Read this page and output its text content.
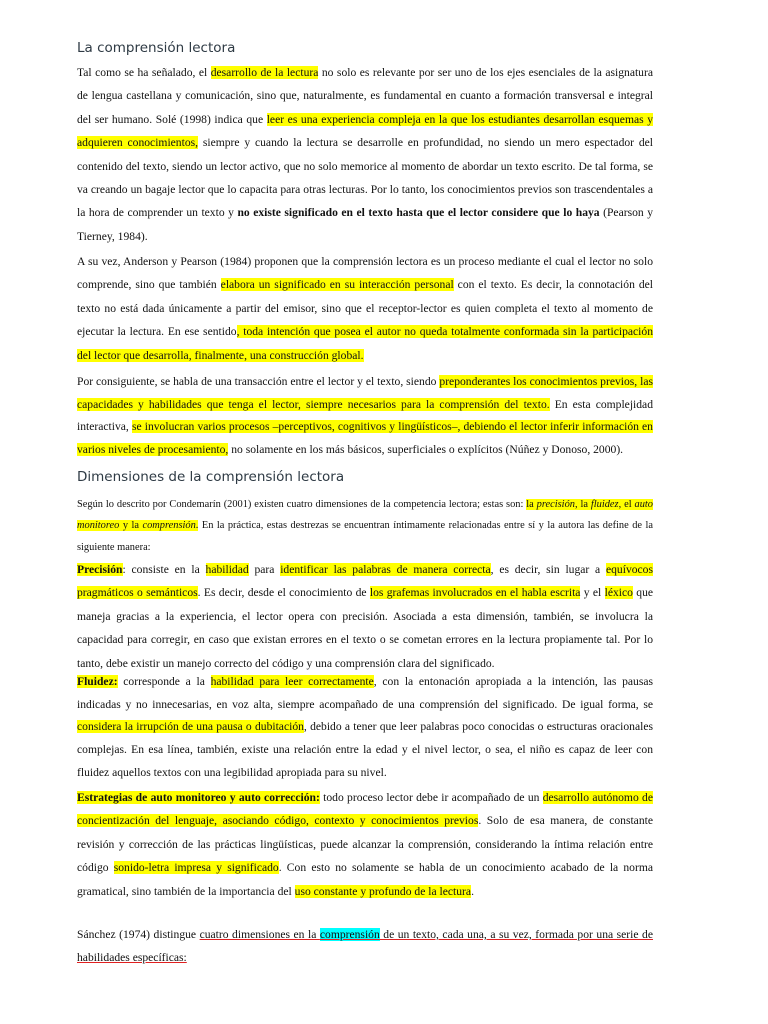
La comprensión lectora

Tal como se ha señalado, el desarrollo de la lectura no solo es relevante por ser uno de los ejes esenciales de la asignatura de lengua castellana y comunicación, sino que, naturalmente, es fundamental en cuanto a formación transversal e integral del ser humano. Solé (1998) indica que leer es una experiencia compleja en la que los estudiantes desarrollan esquemas y adquieren conocimientos, siempre y cuando la lectura se desarrolle en profundidad, no siendo un mero espectador del contenido del texto, siendo un lector activo, que no solo memorice al momento de abordar un texto escrito. De tal forma, se va creando un bagaje lector que lo capacita para otras lecturas. Por lo tanto, los conocimientos previos son trascendentales a la hora de comprender un texto y no existe significado en el texto hasta que el lector considere que lo haya (Pearson y Tierney, 1984).

A su vez, Anderson y Pearson (1984) proponen que la comprensión lectora es un proceso mediante el cual el lector no solo comprende, sino que también elabora un significado en su interacción personal con el texto. Es decir, la connotación del texto no está dada únicamente a partir del emisor, sino que el receptor-lector es quien completa el texto al momento de ejecutar la lectura. En ese sentido, toda intención que posea el autor no queda totalmente conformada sin la participación del lector que desarrolla, finalmente, una construcción global.

Por consiguiente, se habla de una transacción entre el lector y el texto, siendo preponderantes los conocimientos previos, las capacidades y habilidades que tenga el lector, siempre necesarios para la comprensión del texto. En esta complejidad interactiva, se involucran varios procesos –perceptivos, cognitivos y lingüísticos–, debiendo el lector inferir información en varios niveles de procesamiento, no solamente en los más básicos, superficiales o explícitos (Núñez y Donoso, 2000).

Dimensiones de la comprensión lectora

Según lo descrito por Condemarín (2001) existen cuatro dimensiones de la competencia lectora; estas son: la precisión, la fluidez, el auto monitoreo y la comprensión. En la práctica, estas destrezas se encuentran íntimamente relacionadas entre sí y la autora las define de la siguiente manera:

Precisión: consiste en la habilidad para identificar las palabras de manera correcta, es decir, sin lugar a equívocos pragmáticos o semánticos. Es decir, desde el conocimiento de los grafemas involucrados en el habla escrita y el léxico que maneja gracias a la experiencia, el lector opera con precisión. Asociada a esta dimensión, también, se involucra la capacidad para corregir, en caso que existan errores en el texto o se cometan errores en la lectura propiamente tal. Por lo tanto, debe existir un manejo correcto del código y una comprensión clara del significado.

Fluidez: corresponde a la habilidad para leer correctamente, con la entonación apropiada a la intención, las pausas indicadas y no innecesarias, en voz alta, siempre acompañado de una comprensión del significado. De igual forma, se considera la irrupción de una pausa o dubitación, debido a tener que leer palabras poco conocidas o estructuras oracionales complejas. En esa línea, también, existe una relación entre la edad y el nivel lector, o sea, el niño es capaz de leer con fluidez aquellos textos con una legibilidad apropiada para su nivel.

Estrategias de auto monitoreo y auto corrección: todo proceso lector debe ir acompañado de un desarrollo autónomo de concientización del lenguaje, asociando código, contexto y conocimientos previos. Solo de esa manera, de constante revisión y corrección de las prácticas lingüísticas, puede alcanzar la comprensión, considerando la íntima relación entre código sonido-letra impresa y significado. Con esto no solamente se habla de un conocimiento acabado de la norma gramatical, sino también de la importancia del uso constante y profundo de la lectura.

Sánchez (1974) distingue cuatro dimensiones en la comprensión de un texto, cada una, a su vez, formada por una serie de habilidades específicas:
